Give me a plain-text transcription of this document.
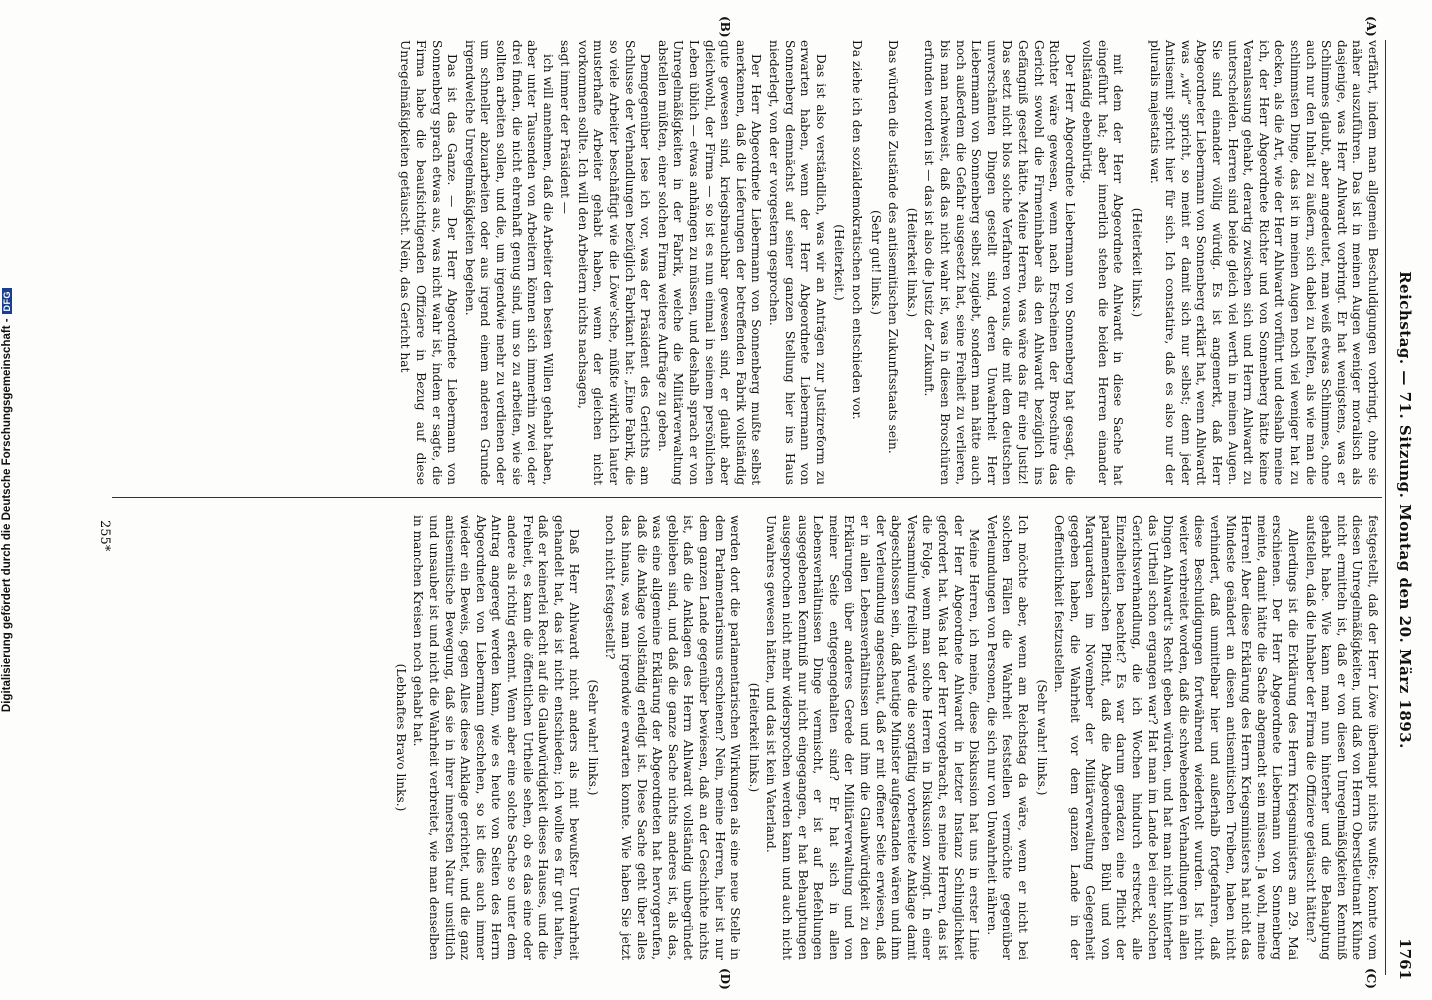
Reichstag. — 71. Sitzung. Montag den 20. März 1893.
1761
(A)
(B)
(C)
(D)

verfährt, indem man allgemein Beschuldigungen vorbringt, ohne sie näher auszuführen. Das ist in meinen Augen weniger moralisch als dasjenige, was Herr Ahlwardt vorbringt. Er hat wenigstens, was er Schlimmes glaubt, aber angedeutet, man weiß etwas Schlimmes, ohne auch nur den Inhalt zu äußern, sich dabei zu helfen, als wie man die schlimmsten Dinge, das ist in meinen Augen noch viel weniger hat zu decken, als die Art, wie der Herr Ahlwardt vorführt und deshalb meine ich, der Herr Abgeordnete Richter und von Sonnenberg hätte keine Veranlassung gehabt, derartig zwischen sich und Herrn Ahlwardt zu unterscheiden. Herren sind beide gleich viel werth in meinen Augen. Sie sind einander völlig würdig. Es ist angemerkt, daß Herr Abgeordneter Liebermann von Sonnenberg erklärt hat, wenn Ahlwardt was „wir“ spricht, so meint er damit sich nur selbst; denn jeder Antisemit spricht hier für sich. Ich constatire, daß es also nur der pluralis majestatis war.

(Heiterkeit links.)

mit dem der Herr Abgeordnete Ahlwardt in diese Sache hat eingeführt hat; aber innerlich stehen die beiden Herren einander vollständig ebenbürtig.

Der Herr Abgeordnete Liebermann von Sonnenberg hat gesagt, die Richter wäre gewesen, wenn nach Erscheinen der Broschüre das Gericht sowohl die Firmeninhaber als den Ahlwardt bezüglich ins Gefängniß gesetzt hätte. Meine Herren, was wäre das für eine Justiz! Das setzt nicht blos solche Verfahren voraus, die mit dem deutschen unverschämten Dingen gestellt sind, deren Unwahrheit Herr Liebermann von Sonnenberg selbst zugiebt, sondern man hätte auch noch außerdem die Gefahr ausgesetzt hat, seine Freiheit zu verlieren, bis man nachweist, daß das nicht wahr ist, was in diesen Broschüren erfunden worden ist — das ist also die Justiz der Zukunft.

(Heiterkeit links.)

Das würden die Zustände des antisemitischen Zukunftsstaats sein.

(Sehr gut! links.)

Da ziehe ich den sozialdemokratischen noch entschieden vor.

(Heiterkeit.)

Das ist also verständlich, was wir an Anträgen zur Justizreform zu erwarten haben, wenn der Herr Abgeordnete Liebermann von Sonnenberg demnächst auf seiner ganzen Stellung hier ins Haus niederlegt, von der er vorgestern gesprochen.

Der Herr Abgeordnete Liebermann von Sonnenberg mußte selbst anerkennen, daß die Lieferungen der betreffenden Fabrik vollständig gute gewesen sind, kriegsbrauchbar gewesen sind, er glaubt aber gleichwohl, der Firma — so ist es nun einmal in seinem persönlichen Leben üblich — etwas anhängen zu müssen, und deshalb sprach er von Unregelmäßigkeiten in der Fabrik, welche die Militärverwaltung abstellen müßten, einer solchen Firma weitere Aufträge zu geben.

Demgegenüber lese ich vor, was der Präsident des Gerichts am Schlusse der Verhandlungen bezüglich Fabrikant hat: „Eine Fabrik, die so viele Arbeiter beschäftigt wie die Löwe'sche, müßte wirklich lauter musterhafte Arbeiter gehabt haben, wenn der gleichen nicht vorkommen sollte. Ich will den Arbeitern nichts nachsagen,

sagt immer der Präsident —

ich will annehmen, daß die Arbeiter den besten Willen gehabt haben, aber unter Tausenden von Arbeitern können sich immerhin zwei oder drei finden, die nicht ehrenhaft genug sind, um so zu arbeiten, wie sie sollten arbeiten sollen, und die, um irgendwie mehr zu verdienen oder um schneller abzuarbeiten oder aus irgend einem anderen Grunde irgendwelche Unregelmäßigkeiten begehen.

Das ist das Ganze. — Der Herr Abgeordnete Liebermann von Sonnenberg sprach etwas aus, was nicht wahr ist, indem er sagte, die Firma habe die beaufsichtigenden Offiziere in Bezug auf diese Unregelmäßigkeiten getäuscht. Nein, das Gericht hat

festgestellt, daß der Herr Löwe überhaupt nichts wußte; konnte vom diesen Unregelmäßigkeiten, und daß von Herrn Oberstleutnant Kühne nicht ermitteln ist, daß er von diesen Unregelmäßigkeiten Kenntniß gehabt habe. Wie kann man nun hinterher und die Behauptung aufstellen, daß die Inhaber der Firma die Offiziere getäuscht hätten?

Allerdings ist die Erklärung des Herrn Kriegsministers am 29. Mai erschienen. Der Herr Abgeordnete Liebermann von Sonnenberg meinte, damit hätte die Sache abgemacht sein müssen. Ja wohl, meine Herren! Aber diese Erklärung des Herrn Kriegsministers hat nicht das Mindeste geändert an diesen antisemitischen Treiben, haben nicht verhindert, daß unmittelbar hier und außerhalb fortgefahren, daß diese Beschuldigungen fortwährend wiederholt wurden. Ist nicht weiter verbreitet worden, daß die schwebenden Verhandlungen in allen Dingen Ahlwardt's Recht geben würden, und hat man nicht hinterher das Urtheil schon ergangen war? Hat man im Lande bei einer solchen Gerichtsverhandlung, die ich Wochen hindurch erstreckt, alle Einzelheiten beachtet? Es war darum geradezu eine Pflicht der parlamentarischen Pflicht, daß die Abgeordneten Bühl und von Marquardsen im November der Militärverwaltung Gelegenheit gegeben haben, die Wahrheit vor dem ganzen Lande in der Oeffentlichkeit festzustellen.

(Sehr wahr! links.)

Ich möchte aber, wenn am Reichstag da wäre, wenn er nicht bei solchen Fällen die Wahrheit feststellen vermöchte gegenüber Verleumdungen von Personen, die sich nur von Unwahrheit nähren.

Meine Herren, ich meine, diese Diskussion hat uns in erster Linie der Herr Abgeordnete Ahlwardt in letzter Instanz Schlinglichkeit gefordert hat. Was hat der Herr vorgebracht, es meine Herren, das ist die Folge, wenn man solche Herren in Diskussion zwingt. In einer Versammlung freilich würde die sorgfältig vorbereitete Anklage damit abgeschlossen sein, daß heutige Minister aufgestanden wären und ihm der Verleumdung angeschaut, daß er mit offener Seite erwiesen, daß er in allen Lebensverhältnissen und ihm die Glaubwürdigkeit zu den Erklärungen über anderes Gerede der Militärverwaltung und von meiner Seite entgegengehalten sind? Er hat sich in allen Lebensverhältnissen Dinge vermischt, er ist auf Befehlungen ausgegebenen Kenntniß nur nicht eingegangen, er hat Behauptungen ausgesprochen nicht mehr widersprochen werden kann und auch nicht Unwahres gewesen hätten, und das ist kein Vaterland.

(Heiterkeit links.)

werden dort die parlamentarischen Wirkungen als eine neue Stelle in dem Parlamentarismus erschienen? Nein, meine Herren, hier ist nur dem ganzen Lande gegenüber bewiesen, daß an der Geschichte nichts ist, daß die Anklagen des Herrn Ahlwardt vollständig unbegründet geblieben sind, und daß die ganze Sache nichts anderes ist, als das, was eine allgemeine Erklärung der Abgeordneten hat hervorgerufen, daß die Anklage vollständig erledigt ist. Diese Sache geht über alles das hinaus, was man irgendwie erwarten konnte. Wie haben Sie jetzt noch nicht festgestellt?

(Sehr wahr! links.)

Daß Herr Ahlwardt nicht anders als mit bewußter Unwahrheit gehandelt hat, das ist nicht entschieden; ich wollte es für gut halten, daß er keinerlei Recht auf die Glaubwürdigkeit dieses Hauses, und die Freiheit, es kann die öffentlichen Urtheile sehen, ob es das eine oder andere als richtig erkennt. Wenn aber eine solche Sache so unter dem Antrag angeregt werden kann, wie es heute von Seiten des Herrn Abgeordneten von Liebermann geschehen, so ist dies auch immer wieder ein Beweis, gegen Alles diese Anklage gerichtet, und die ganz antisemitische Bewegung, daß sie in ihrer innersten Natur unsittlich und unsauber ist und nicht die Wahrheit verbreitet, wie man denselben in manchen Kreisen noch gehabt hat.

(Lebhaftes Bravo links.)

255*
Digitalisierung gefördert durch die Deutsche Forschungsgemeinschaft -DFG
